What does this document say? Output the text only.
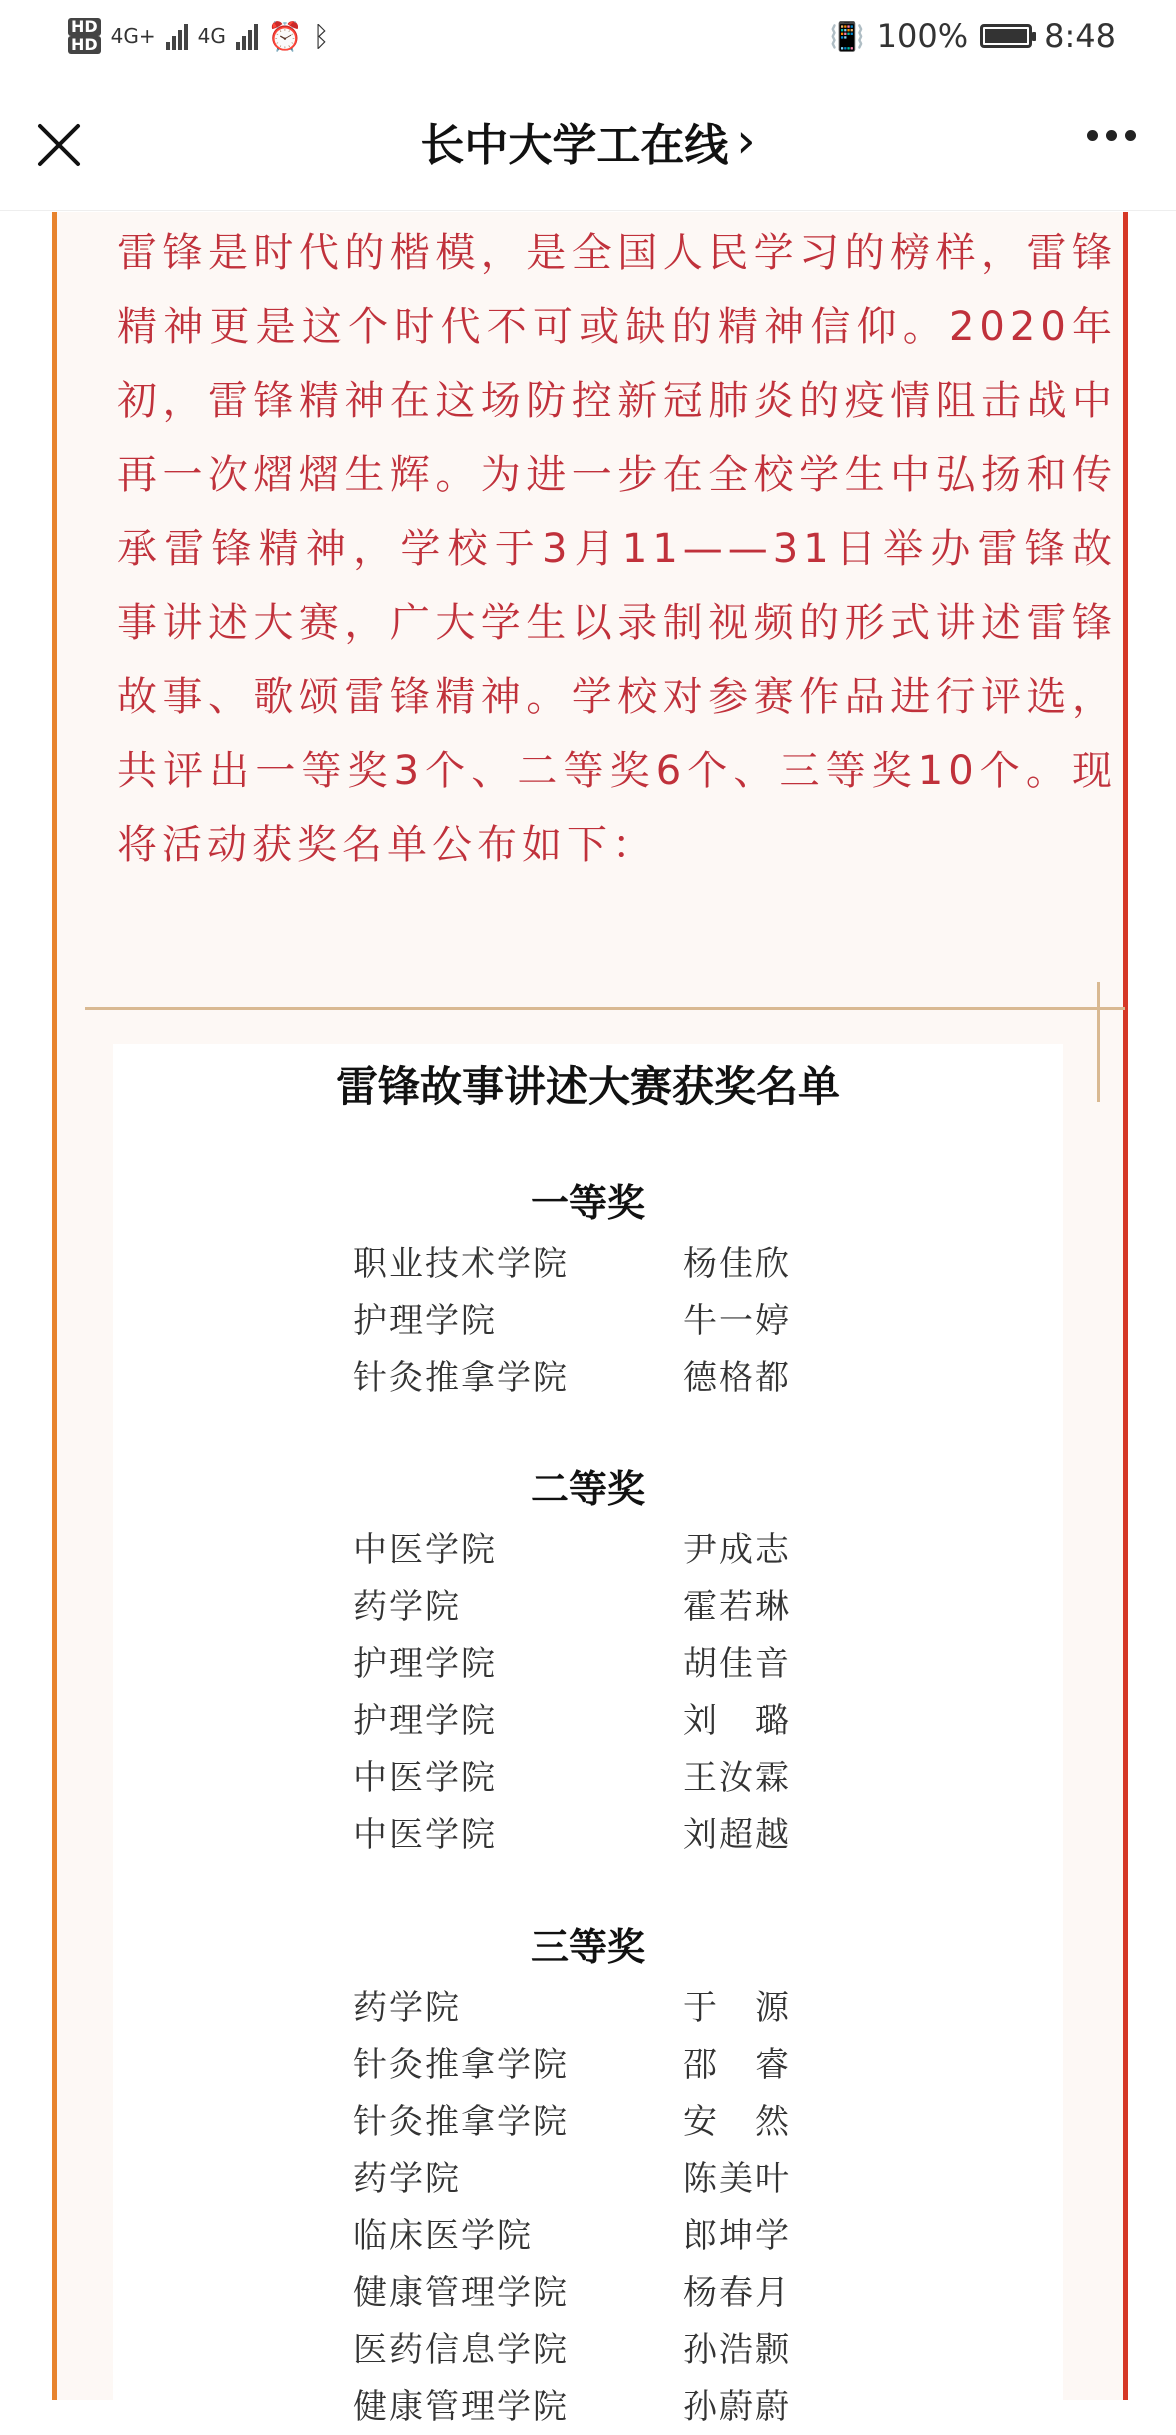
HD
HD 4G+ 4G ⏰ ᛒ	📳 100% 8:48
长中大学工在线 ›
雷锋是时代的楷模，是全国人民学习的榜样，雷锋精神更是这个时代不可或缺的精神信仰。2020年初，雷锋精神在这场防控新冠肺炎的疫情阻击战中再一次熠熠生辉。为进一步在全校学生中弘扬和传承雷锋精神，学校于3月11——31日举办雷锋故事讲述大赛，广大学生以录制视频的形式讲述雷锋故事、歌颂雷锋精神。学校对参赛作品进行评选，共评出一等奖3个、二等奖6个、三等奖10个。现将活动获奖名单公布如下：
雷锋故事讲述大赛获奖名单
一等奖
职业技术学院	杨佳欣
护理学院	牛一婷
针灸推拿学院	德格都
二等奖
中医学院	尹成志
药学院	霍若琳
护理学院	胡佳音
护理学院	刘　璐
中医学院	王汝霖
中医学院	刘超越
三等奖
药学院	于　源
针灸推拿学院	邵　睿
针灸推拿学院	安　然
药学院	陈美叶
临床医学院	郎坤学
健康管理学院	杨春月
医药信息学院	孙浩颢
健康管理学院	孙蔚蔚
